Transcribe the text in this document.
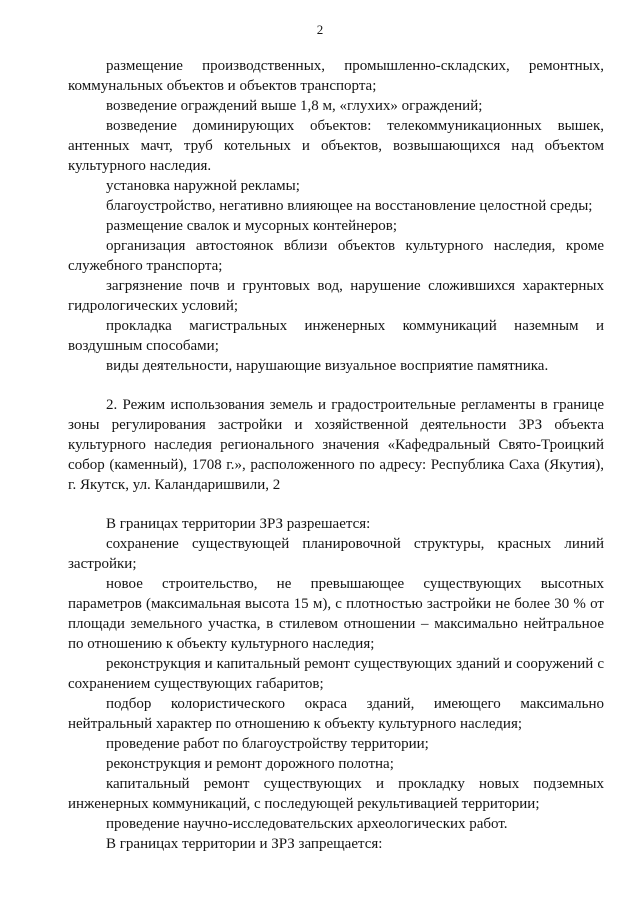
2

размещение производственных, промышленно-складских, ремонтных, коммунальных объектов и объектов транспорта;

возведение ограждений выше 1,8 м, «глухих» ограждений;

возведение доминирующих объектов: телекоммуникационных вышек, антенных мачт, труб котельных и объектов, возвышающихся над объектом культурного наследия.

установка наружной рекламы;

благоустройство, негативно влияющее на восстановление целостной среды;

размещение свалок и мусорных контейнеров;

организация автостоянок вблизи объектов культурного наследия, кроме служебного транспорта;

загрязнение почв и грунтовых вод, нарушение сложившихся характерных гидрологических условий;

прокладка магистральных инженерных коммуникаций наземным и воздушным способами;

виды деятельности, нарушающие визуальное восприятие памятника.

2. Режим использования земель и градостроительные регламенты в границе зоны регулирования застройки и хозяйственной деятельности ЗРЗ объекта культурного наследия регионального значения «Кафедральный Свято-Троицкий собор (каменный), 1708 г.», расположенного по адресу: Республика Саха (Якутия), г. Якутск, ул. Каландаришвили, 2

В границах территории ЗРЗ разрешается:

сохранение существующей планировочной структуры, красных линий застройки;

новое строительство, не превышающее существующих высотных параметров (максимальная высота 15 м), с плотностью застройки не более 30 % от площади земельного участка, в стилевом отношении – максимально нейтральное по отношению к объекту культурного наследия;

реконструкция и капитальный ремонт существующих зданий и сооружений с сохранением существующих габаритов;

подбор колористического окраса зданий, имеющего максимально нейтральный характер по отношению к объекту культурного наследия;

проведение работ по благоустройству территории;

реконструкция и ремонт дорожного полотна;

капитальный ремонт существующих и прокладку новых подземных инженерных коммуникаций, с последующей рекультивацией территории;

проведение научно-исследовательских археологических работ.

В границах территории и ЗРЗ запрещается:
